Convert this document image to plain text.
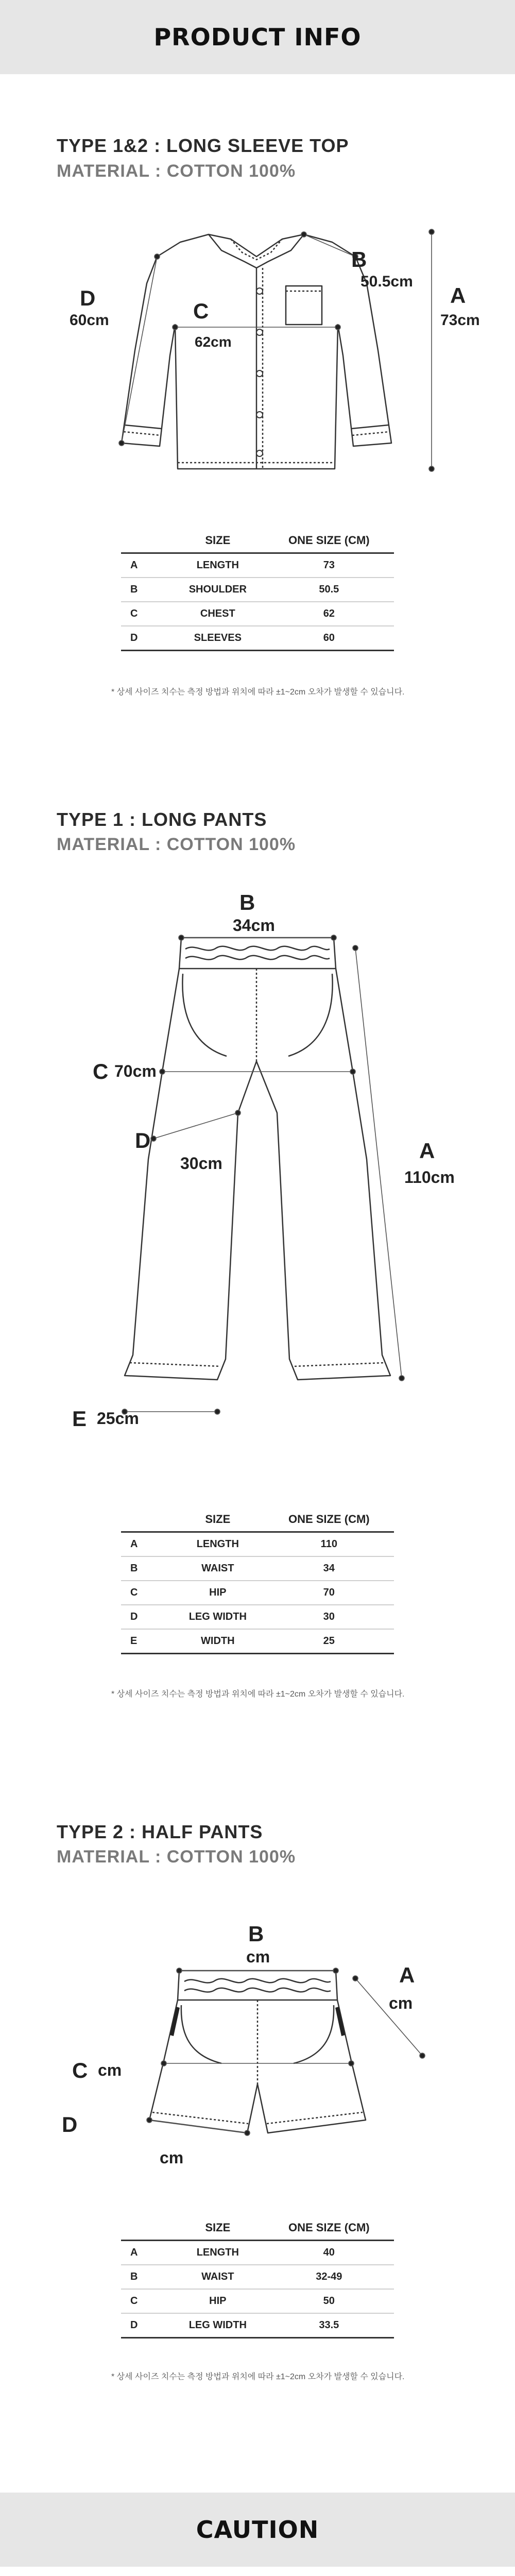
PRODUCT INFO

TYPE 1&2 : LONG SLEEVE TOP

MATERIAL : COTTON 100%

D
60cm	C
62cm
B
50.5cm
A
73cm
	SIZE	ONE SIZE (CM)
A	LENGTH	73
B	SHOULDER	50.5
C	CHEST	62
D	SLEEVES	60

* 상세 사이즈 치수는 측정 방법과 위치에 따라 ±1~2cm 오차가 발생할 수 있습니다.

TYPE 1 : LONG PANTS

MATERIAL : COTTON 100%

B
34cm
C 70cm
D
30cm
A
110cm
E 25cm
	SIZE	ONE SIZE (CM)
A	LENGTH	110
B	WAIST	34
C	HIP	70
D	LEG WIDTH	30
E	WIDTH	25

* 상세 사이즈 치수는 측정 방법과 위치에 따라 ±1~2cm 오차가 발생할 수 있습니다.

TYPE 2 : HALF PANTS

MATERIAL : COTTON 100%

B
cm
A
cm
C cm
D
cm
	SIZE	ONE SIZE (CM)
A	LENGTH	40
B	WAIST	32-49
C	HIP	50
D	LEG WIDTH	33.5

* 상세 사이즈 치수는 측정 방법과 위치에 따라 ±1~2cm 오차가 발생할 수 있습니다.

CAUTION
